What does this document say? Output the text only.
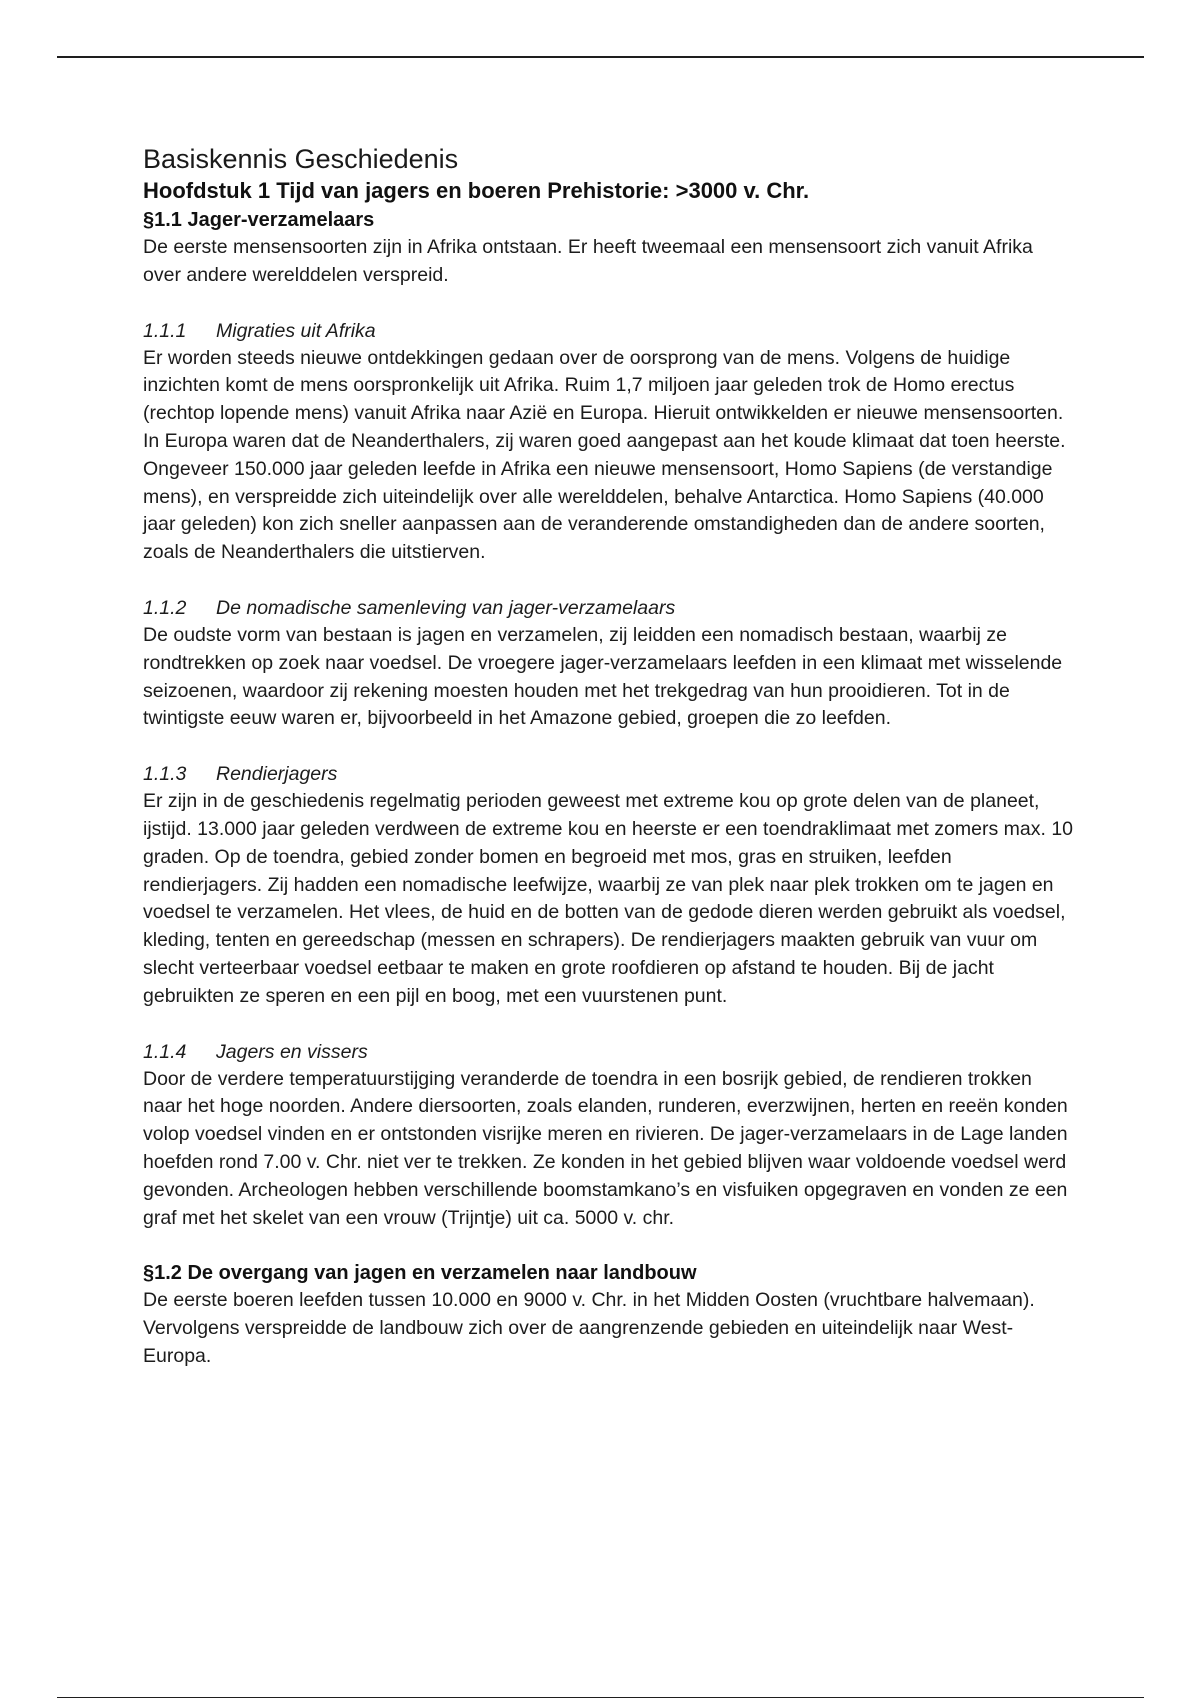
Basiskennis Geschiedenis
Hoofdstuk 1 Tijd van jagers en boeren Prehistorie: >3000 v. Chr.
§1.1 Jager-verzamelaars

De eerste mensensoorten zijn in Afrika ontstaan. Er heeft tweemaal een mensensoort zich vanuit Afrika over andere werelddelen verspreid.

1.1.1	Migraties uit Afrika

Er worden steeds nieuwe ontdekkingen gedaan over de oorsprong van de mens. Volgens de huidige inzichten komt de mens oorspronkelijk uit Afrika. Ruim 1,7 miljoen jaar geleden trok de Homo erectus (rechtop lopende mens) vanuit Afrika naar Azië en Europa. Hieruit ontwikkelden er nieuwe mensensoorten. In Europa waren dat de Neanderthalers, zij waren goed aangepast aan het koude klimaat dat toen heerste.

Ongeveer 150.000 jaar geleden leefde in Afrika een nieuwe mensensoort, Homo Sapiens (de verstandige mens), en verspreidde zich uiteindelijk over alle werelddelen, behalve Antarctica. Homo Sapiens (40.000 jaar geleden) kon zich sneller aanpassen aan de veranderende omstandigheden dan de andere soorten, zoals de Neanderthalers die uitstierven.

1.1.2	De nomadische samenleving van jager-verzamelaars

De oudste vorm van bestaan is jagen en verzamelen, zij leidden een nomadisch bestaan, waarbij ze rondtrekken op zoek naar voedsel. De vroegere jager-verzamelaars leefden in een klimaat met wisselende seizoenen, waardoor zij rekening moesten houden met het trekgedrag van hun prooidieren. Tot in de twintigste eeuw waren er, bijvoorbeeld in het Amazone gebied, groepen die zo leefden.

1.1.3	Rendierjagers

Er zijn in de geschiedenis regelmatig perioden geweest met extreme kou op grote delen van de planeet, ijstijd. 13.000 jaar geleden verdween de extreme kou en heerste er een toendraklimaat met zomers max. 10 graden. Op de toendra, gebied zonder bomen en begroeid met mos, gras en struiken, leefden rendierjagers. Zij hadden een nomadische leefwijze, waarbij ze van plek naar plek trokken om te jagen en voedsel te verzamelen. Het vlees, de huid en de botten van de gedode dieren werden gebruikt als voedsel, kleding, tenten en gereedschap (messen en schrapers). De rendierjagers maakten gebruik van vuur om slecht verteerbaar voedsel eetbaar te maken en grote roofdieren op afstand te houden. Bij de jacht gebruikten ze speren en een pijl en boog, met een vuurstenen punt.

1.1.4	Jagers en vissers

Door de verdere temperatuurstijging veranderde de toendra in een bosrijk gebied, de rendieren trokken naar het hoge noorden. Andere diersoorten, zoals elanden, runderen, everzwijnen, herten en reeën konden volop voedsel vinden en er ontstonden visrijke meren en rivieren. De jager-verzamelaars in de Lage landen hoefden rond 7.00 v. Chr. niet ver te trekken. Ze konden in het gebied blijven waar voldoende voedsel werd gevonden. Archeologen hebben verschillende boomstamkano’s en visfuiken opgegraven en vonden ze een graf met het skelet van een vrouw (Trijntje) uit ca. 5000 v. chr.

§1.2 De overgang van jagen en verzamelen naar landbouw

De eerste boeren leefden tussen 10.000 en 9000 v. Chr. in het Midden Oosten (vruchtbare halvemaan). Vervolgens verspreidde de landbouw zich over de aangrenzende gebieden en uiteindelijk naar West-Europa.
